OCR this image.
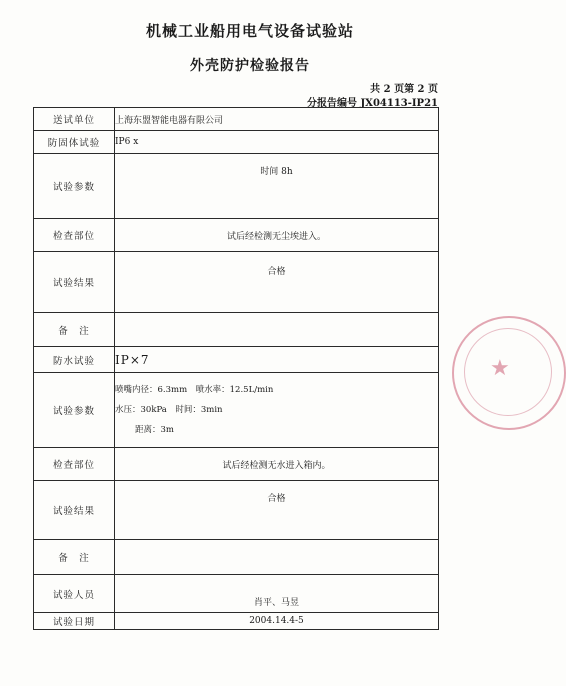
机械工业船用电气设备试验站
外壳防护检验报告
共 2 页第 2 页
分报告编号 JX04113-IP21
送试单位	上海东盟智能电器有限公司
防固体试验	IP6 x
试验参数	时间 8h
检查部位	试后经检测无尘埃进入。
试验结果	合格
备　注	
防水试验	IP×7
试验参数	喷嘴内径：6.3mm　喷水率：12.5L/min
水压：30kPa　时间：3min
距离：3m

检查部位	试后经检测无水进入箱内。
试验结果	合格
备　注	
试验人员	肖平、马昱
试验日期	2004.14.4-5
★
